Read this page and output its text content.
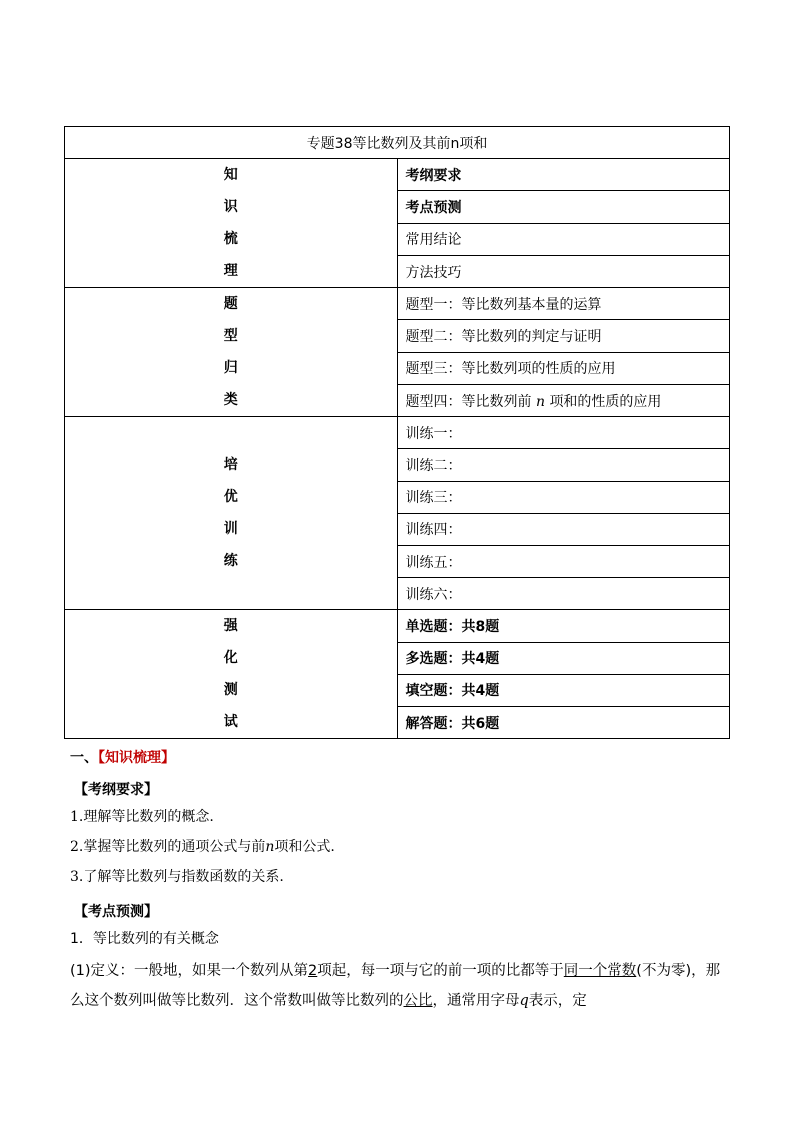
专题38等比数列及其前n项和	

知
识
梳
理	考纲要求
	考点预测
	常用结论
	方法技巧

题
型
归
类	题型一：等比数列基本量的运算
	题型二：等比数列的判定与证明
	题型三：等比数列项的性质的应用
	题型四：等比数列前 n 项和的性质的应用

培
优
训
练	训练一：
	训练二：
	训练三：
	训练四：
	训练五：
	训练六：

强
化
测
试	单选题：共8题
	多选题：共4题
	填空题：共4题
	解答题：共6题
一、【知识梳理】
【考纲要求】
1.理解等比数列的概念.
2.掌握等比数列的通项公式与前n项和公式.
3.了解等比数列与指数函数的关系.
【考点预测】
1．等比数列的有关概念
(1)定义：一般地，如果一个数列从第2项起，每一项与它的前一项的比都等于同一个常数(不为零)，那么这个数列叫做等比数列．这个常数叫做等比数列的公比，通常用字母q表示，定
